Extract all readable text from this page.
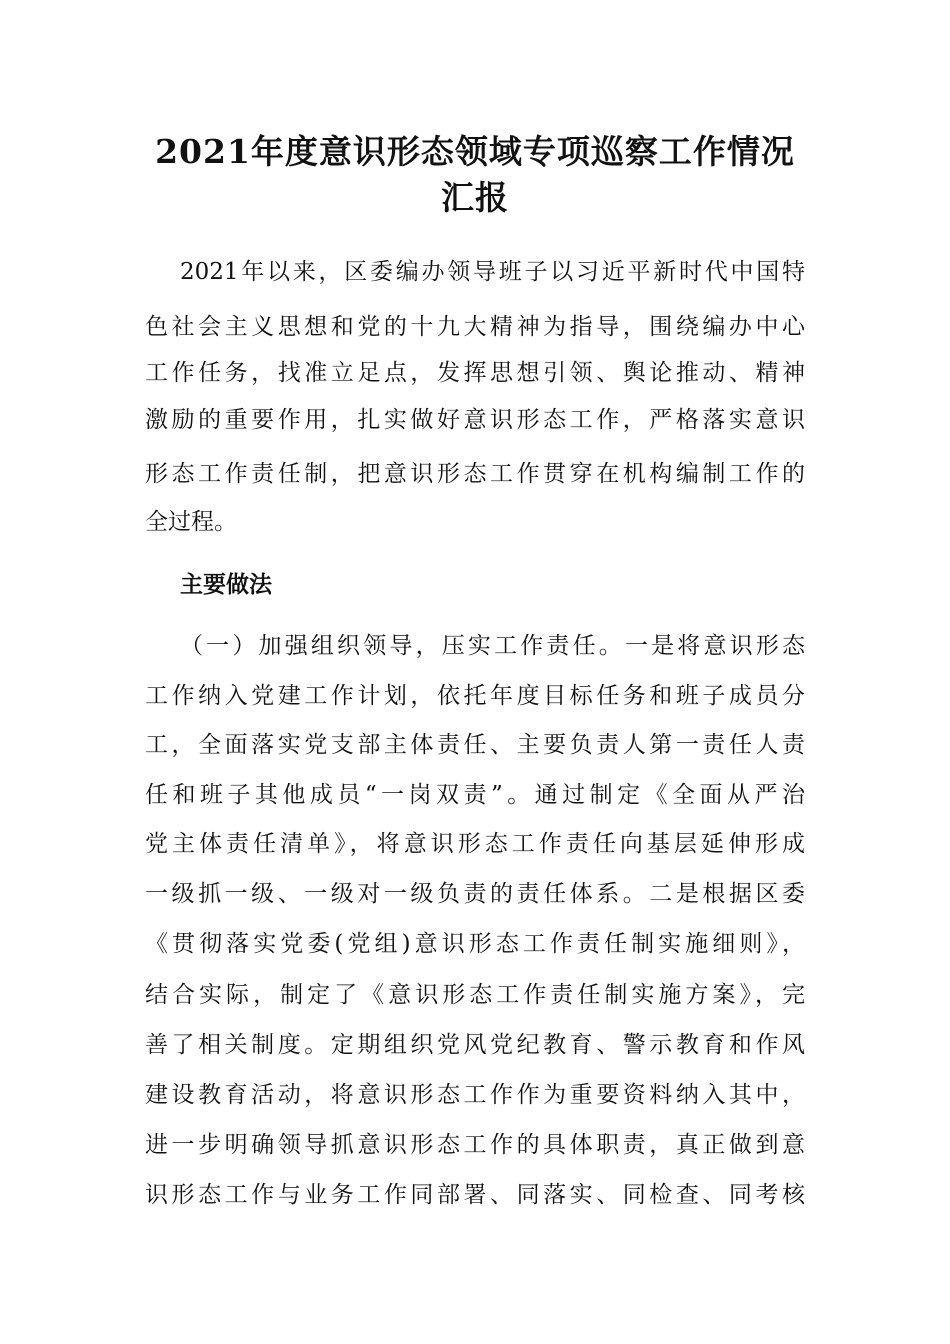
2021年度意识形态领域专项巡察工作情况
汇报
2021年以来，区委编办领导班子以习近平新时代中国特
色社会主义思想和党的十九大精神为指导，围绕编办中心
工作任务，找准立足点，发挥思想引领、舆论推动、精神
激励的重要作用，扎实做好意识形态工作，严格落实意识
形态工作责任制，把意识形态工作贯穿在机构编制工作的
全过程。
主要做法
（一）加强组织领导，压实工作责任。一是将意识形态
工作纳入党建工作计划，依托年度目标任务和班子成员分
工，全面落实党支部主体责任、主要负责人第一责任人责
任和班子其他成员“一岗双责”。通过制定《全面从严治
党主体责任清单》，将意识形态工作责任向基层延伸形成
一级抓一级、一级对一级负责的责任体系。二是根据区委
《贯彻落实党委(党组)意识形态工作责任制实施细则》，
结合实际，制定了《意识形态工作责任制实施方案》，完
善了相关制度。定期组织党风党纪教育、警示教育和作风
建设教育活动，将意识形态工作作为重要资料纳入其中，
进一步明确领导抓意识形态工作的具体职责，真正做到意
识形态工作与业务工作同部署、同落实、同检查、同考核
